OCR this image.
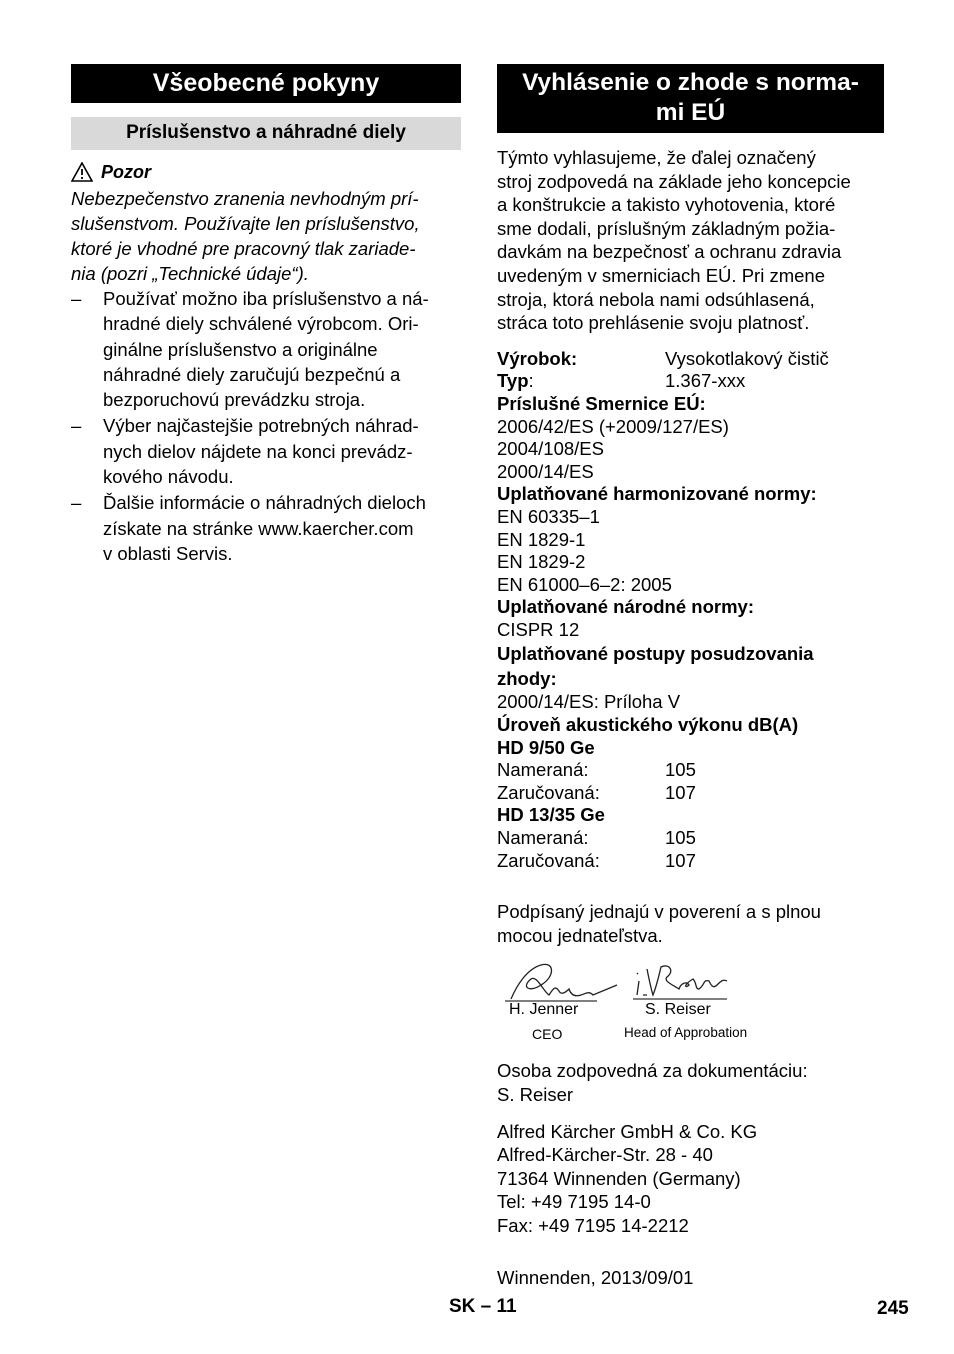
Všeobecné pokyny
Príslušenstvo a náhradné diely
Pozor

Nebezpečenstvo zranenia nevhodným prí-
slušenstvom. Používajte len príslušenstvo,
ktoré je vhodné pre pracovný tlak zariade-
nia (pozri „Technické údaje“).

– Používať možno iba príslušenstvo a ná-
hradné diely schválené výrobcom. Ori-
ginálne príslušenstvo a originálne
náhradné diely zaručujú bezpečnú a
bezporuchovú prevádzku stroja.
– Výber najčastejšie potrebných náhrad-
nych dielov nájdete na konci prevádz-
kového návodu.
– Ďalšie informácie o náhradných dieloch
získate na stránke www.kaercher.com
v oblasti Servis.
Vyhlásenie o zhode s norma-
mi EÚ

Týmto vyhlasujeme, že ďalej označený
stroj zodpovedá na základe jeho koncepcie
a konštrukcie a takisto vyhotovenia, ktoré
sme dodali, príslušným základným požia-
davkám na bezpečnosť a ochranu zdravia
uvedeným v smerniciach EÚ. Pri zmene
stroja, ktorá nebola nami odsúhlasená,
stráca toto prehlásenie svoju platnosť.

Výrobok:	Vysokotlakový čistič
Typ:	1.367-xxx
Príslušné Smernice EÚ:
2006/42/ES (+2009/127/ES)
2004/108/ES
2000/14/ES
Uplatňované harmonizované normy:
EN 60335–1
EN 1829-1
EN 1829-2
EN 61000–6–2: 2005
Uplatňované národné normy:
CISPR 12
Uplatňované postupy posudzovania
zhody:
2000/14/ES: Príloha V
Úroveň akustického výkonu dB(A)
HD 9/50 Ge
Nameraná:	105
Zaručovaná:	107
HD 13/35 Ge
Nameraná:	105
Zaručovaná:	107

Podpísaný jednajú v poverení a s plnou
mocou jednateľstva.

H. Jenner
CEO
S. Reiser
Head of Approbation

Osoba zodpovedná za dokumentáciu:
S. Reiser

Alfred Kärcher GmbH & Co. KG
Alfred-Kärcher-Str. 28 - 40
71364 Winnenden (Germany)
Tel: +49 7195 14-0
Fax: +49 7195 14-2212

Winnenden, 2013/09/01

SK – 11	245
